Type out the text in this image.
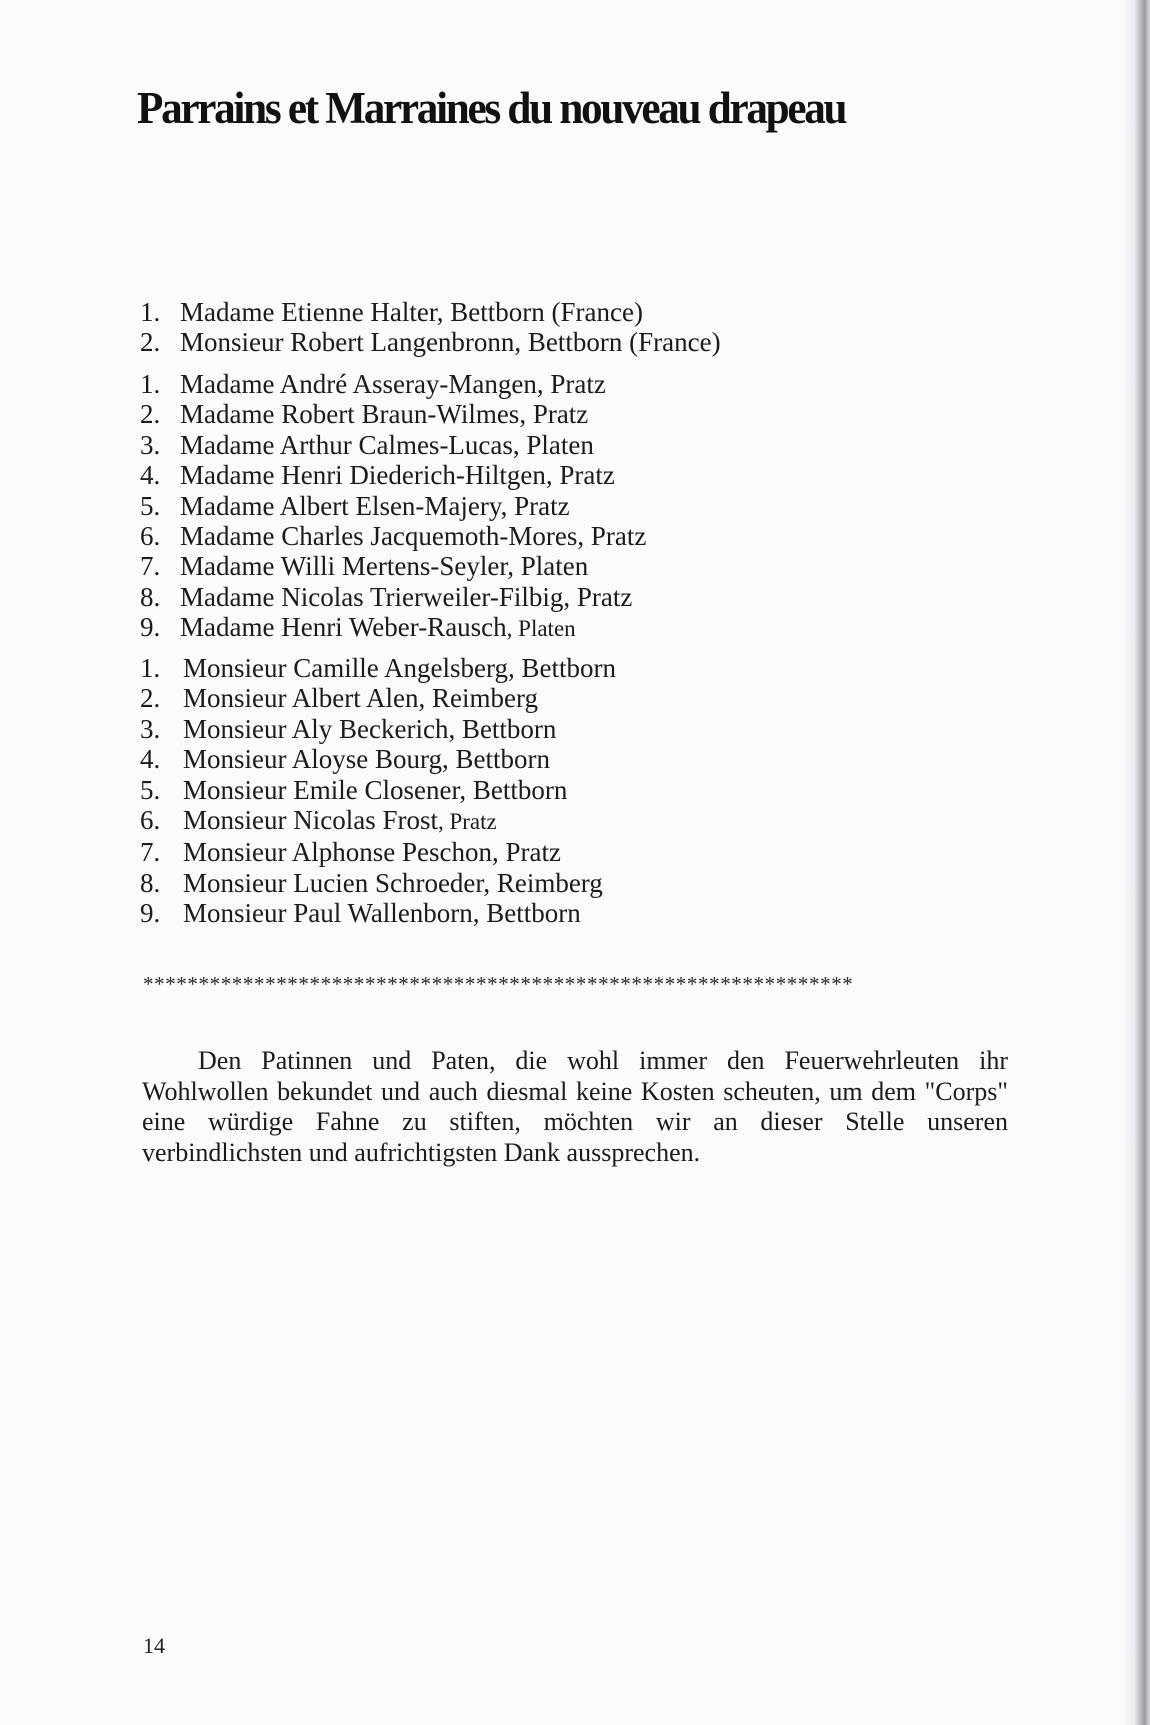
Parrains et Marraines du nouveau drapeau
1. Madame Etienne Halter, Bettborn (France)
2. Monsieur Robert Langenbronn, Bettborn (France)
1. Madame André Asseray-Mangen, Pratz
2. Madame Robert Braun-Wilmes, Pratz
3. Madame Arthur Calmes-Lucas, Platen
4. Madame Henri Diederich-Hiltgen, Pratz
5. Madame Albert Elsen-Majery, Pratz
6. Madame Charles Jacquemoth-Mores, Pratz
7. Madame Willi Mertens-Seyler, Platen
8. Madame Nicolas Trierweiler-Filbig, Pratz
9. Madame Henri Weber-Rausch, Platen
1. Monsieur Camille Angelsberg, Bettborn
2. Monsieur Albert Alen, Reimberg
3. Monsieur Aly Beckerich, Bettborn
4. Monsieur Aloyse Bourg, Bettborn
5. Monsieur Emile Closener, Bettborn
6. Monsieur Nicolas Frost, Pratz
7. Monsieur Alphonse Peschon, Pratz
8. Monsieur Lucien Schroeder, Reimberg
9. Monsieur Paul Wallenborn, Bettborn
****************************************************************

Den Patinnen und Paten, die wohl immer den Feuerwehrleuten ihr Wohlwollen bekundet und auch diesmal keine Kosten scheuten, um dem "Corps" eine würdige Fahne zu stiften, möchten wir an dieser Stelle unseren verbindlichsten und aufrichtigsten Dank aussprechen.

14
